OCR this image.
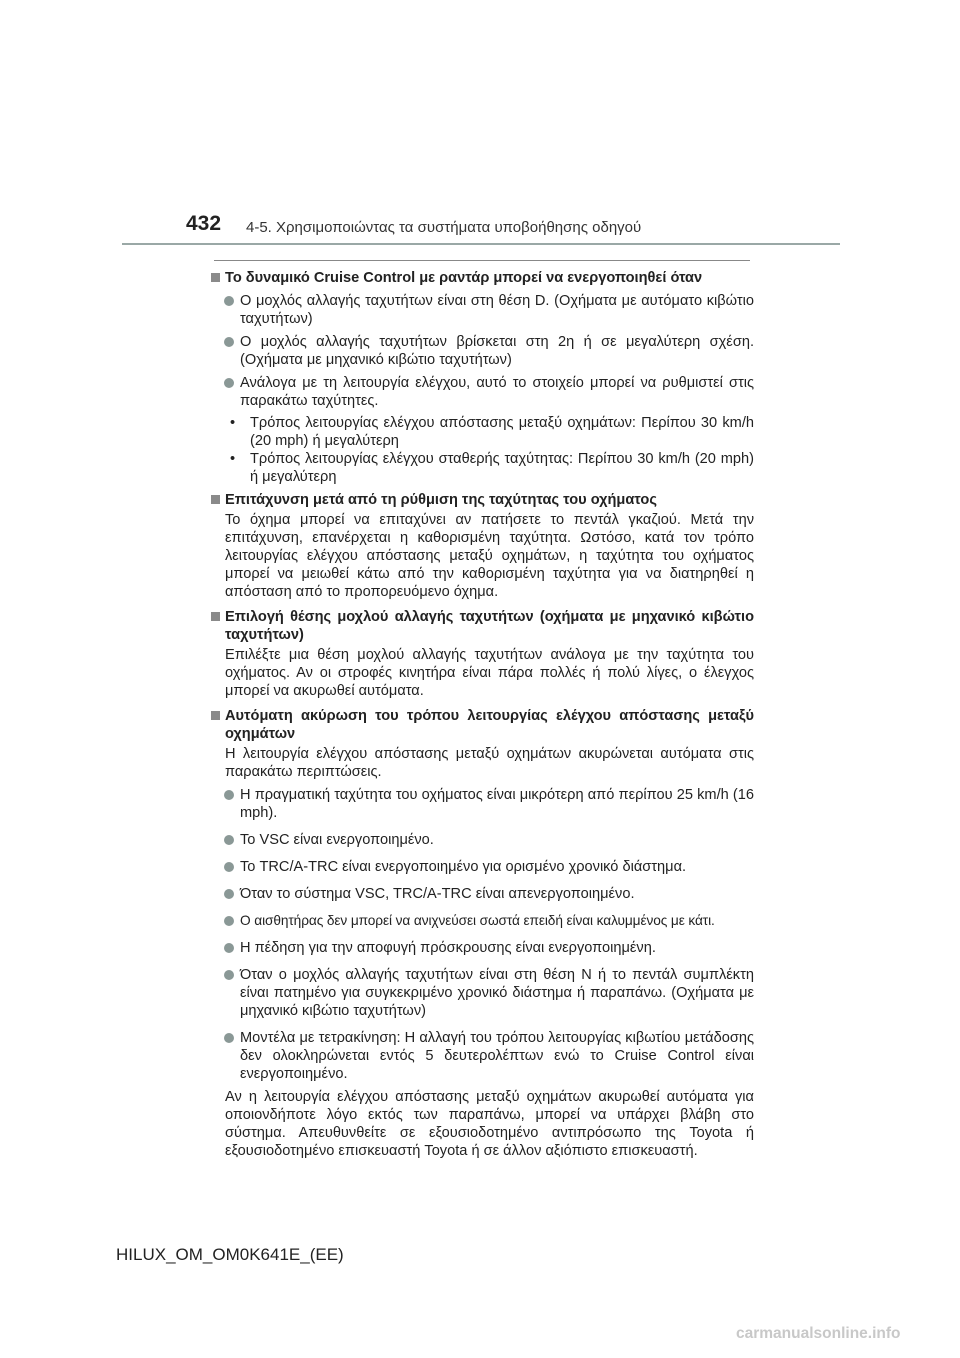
432 4-5. Χρησιμοποιώντας τα συστήματα υποβοήθησης οδηγού
Το δυναμικό Cruise Control με ραντάρ μπορεί να ενεργοποιηθεί όταν
Ο μοχλός αλλαγής ταχυτήτων είναι στη θέση D. (Οχήματα με αυτόματο κιβώτιο ταχυτήτων)
Ο μοχλός αλλαγής ταχυτήτων βρίσκεται στη 2η ή σε μεγαλύτερη σχέση. (Οχήματα με μηχανικό κιβώτιο ταχυτήτων)
Ανάλογα με τη λειτουργία ελέγχου, αυτό το στοιχείο μπορεί να ρυθμιστεί στις παρακάτω ταχύτητες.
• Τρόπος λειτουργίας ελέγχου απόστασης μεταξύ οχημάτων: Περίπου 30 km/h (20 mph) ή μεγαλύτερη
• Τρόπος λειτουργίας ελέγχου σταθερής ταχύτητας: Περίπου 30 km/h (20 mph) ή μεγαλύτερη
Επιτάχυνση μετά από τη ρύθμιση της ταχύτητας του οχήματος
Το όχημα μπορεί να επιταχύνει αν πατήσετε το πεντάλ γκαζιού. Μετά την επιτάχυνση, επανέρχεται η καθορισμένη ταχύτητα. Ωστόσο, κατά τον τρόπο λειτουργίας ελέγχου απόστασης μεταξύ οχημάτων, η ταχύτητα του οχήματος μπορεί να μειωθεί κάτω από την καθορισμένη ταχύτητα για να διατηρηθεί η απόσταση από το προπορευόμενο όχημα.
Επιλογή θέσης μοχλού αλλαγής ταχυτήτων (οχήματα με μηχανικό κιβώτιο ταχυτήτων)
Επιλέξτε μια θέση μοχλού αλλαγής ταχυτήτων ανάλογα με την ταχύτητα του οχήματος. Αν οι στροφές κινητήρα είναι πάρα πολλές ή πολύ λίγες, ο έλεγχος μπορεί να ακυρωθεί αυτόματα.
Αυτόματη ακύρωση του τρόπου λειτουργίας ελέγχου απόστασης μεταξύ οχημάτων
Η λειτουργία ελέγχου απόστασης μεταξύ οχημάτων ακυρώνεται αυτόματα στις παρακάτω περιπτώσεις.
Η πραγματική ταχύτητα του οχήματος είναι μικρότερη από περίπου 25 km/h (16 mph).
Το VSC είναι ενεργοποιημένο.
Το TRC/A-TRC είναι ενεργοποιημένο για ορισμένο χρονικό διάστημα.
Όταν το σύστημα VSC, TRC/A-TRC είναι απενεργοποιημένο.
Ο αισθητήρας δεν μπορεί να ανιχνεύσει σωστά επειδή είναι καλυμμένος με κάτι.
Η πέδηση για την αποφυγή πρόσκρουσης είναι ενεργοποιημένη.
Όταν ο μοχλός αλλαγής ταχυτήτων είναι στη θέση N ή το πεντάλ συμπλέκτη είναι πατημένο για συγκεκριμένο χρονικό διάστημα ή παραπάνω. (Οχήματα με μηχανικό κιβώτιο ταχυτήτων)
Μοντέλα με τετρακίνηση: Η αλλαγή του τρόπου λειτουργίας κιβωτίου μετάδοσης δεν ολοκληρώνεται εντός 5 δευτερολέπτων ενώ το Cruise Control είναι ενεργοποιημένο.
Αν η λειτουργία ελέγχου απόστασης μεταξύ οχημάτων ακυρωθεί αυτόματα για οποιονδήποτε λόγο εκτός των παραπάνω, μπορεί να υπάρχει βλάβη στο σύστημα. Απευθυνθείτε σε εξουσιοδοτημένο αντιπρόσωπο της Toyota ή εξουσιοδοτημένο επισκευαστή Toyota ή σε άλλον αξιόπιστο επισκευαστή.
HILUX_OM_OM0K641E_(EE)
carmanualsonline.info
